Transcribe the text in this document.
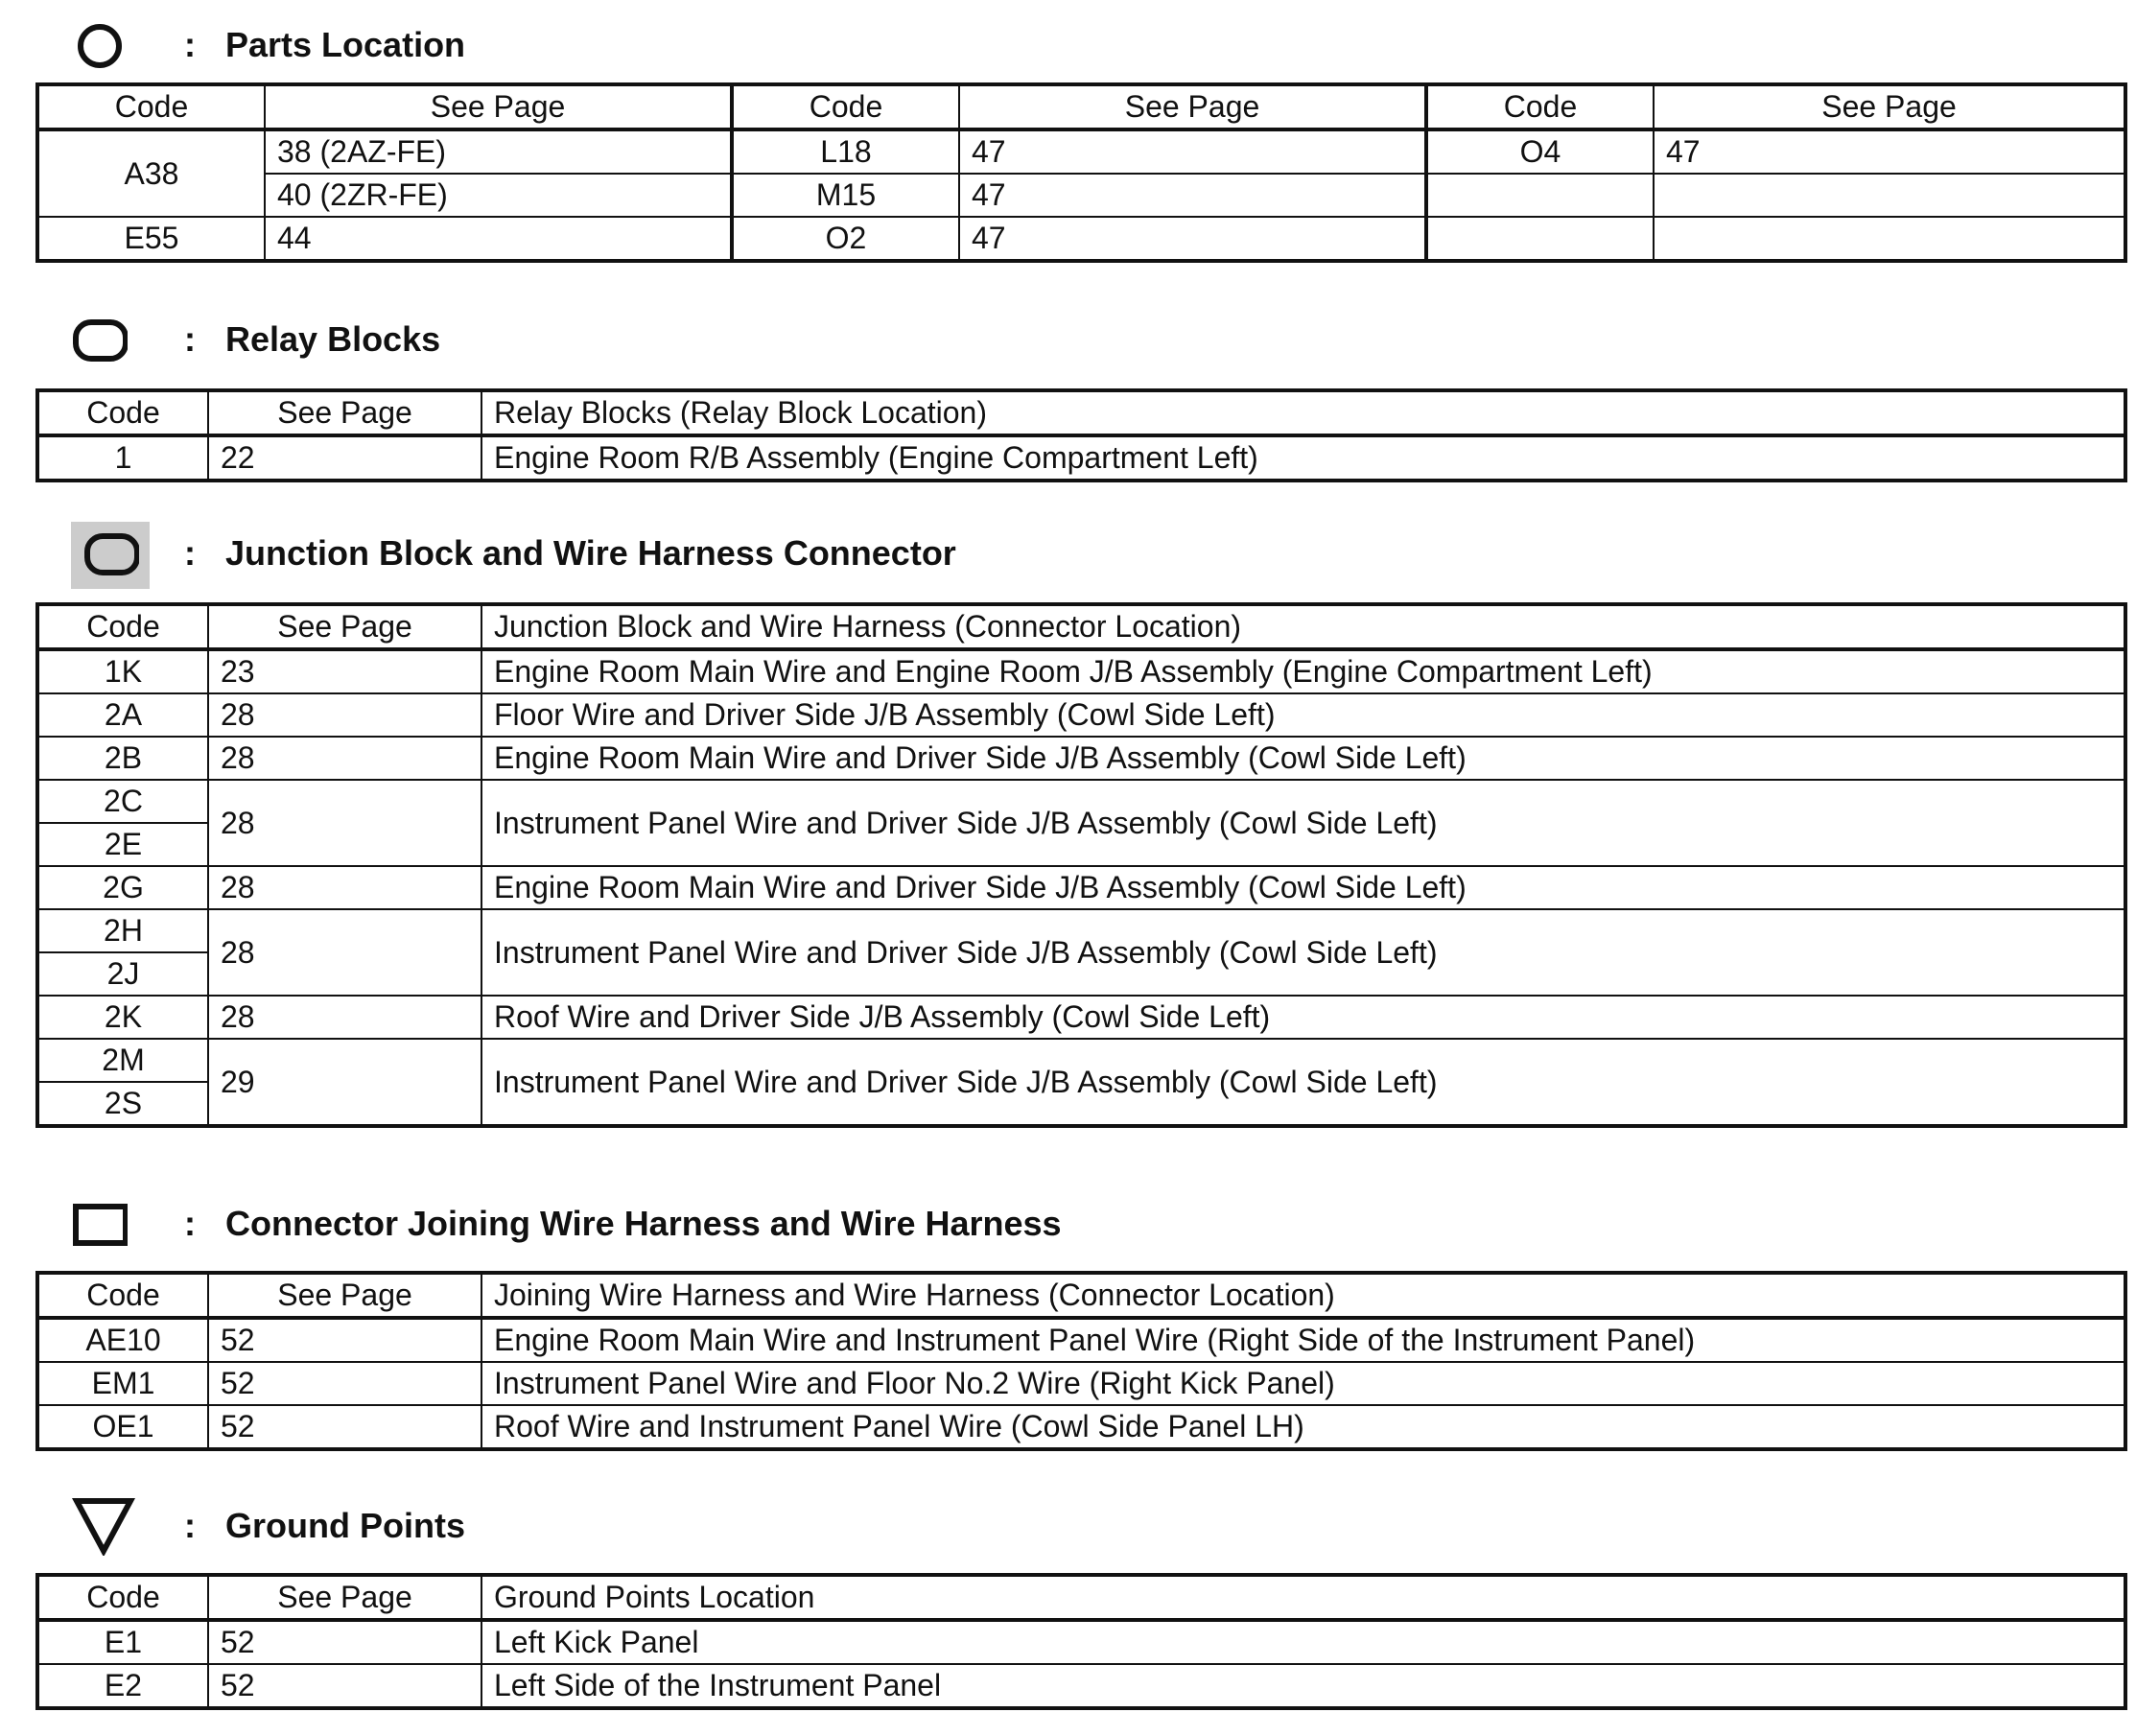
: Parts Location
Code	See Page	Code	See Page	Code	See Page
A38	38 (2AZ-FE)	L18	47	O4	47
	40 (2ZR-FE)	M15	47		
E55	44	O2	47		
: Relay Blocks
Code	See Page	Relay Blocks (Relay Block Location)
1	22	Engine Room R/B Assembly (Engine Compartment Left)
: Junction Block and Wire Harness Connector
Code	See Page	Junction Block and Wire Harness (Connector Location)
1K	23	Engine Room Main Wire and Engine Room J/B Assembly (Engine Compartment Left)
2A	28	Floor Wire and Driver Side J/B Assembly (Cowl Side Left)
2B	28	Engine Room Main Wire and Driver Side J/B Assembly (Cowl Side Left)
2C	28	Instrument Panel Wire and Driver Side J/B Assembly (Cowl Side Left)
2E		
2G	28	Engine Room Main Wire and Driver Side J/B Assembly (Cowl Side Left)
2H	28	Instrument Panel Wire and Driver Side J/B Assembly (Cowl Side Left)
2J		
2K	28	Roof Wire and Driver Side J/B Assembly (Cowl Side Left)
2M	29	Instrument Panel Wire and Driver Side J/B Assembly (Cowl Side Left)
2S		
: Connector Joining Wire Harness and Wire Harness
Code	See Page	Joining Wire Harness and Wire Harness (Connector Location)
AE10	52	Engine Room Main Wire and Instrument Panel Wire (Right Side of the Instrument Panel)
EM1	52	Instrument Panel Wire and Floor No.2 Wire (Right Kick Panel)
OE1	52	Roof Wire and Instrument Panel Wire (Cowl Side Panel LH)
: Ground Points
Code	See Page	Ground Points Location
E1	52	Left Kick Panel
E2	52	Left Side of the Instrument Panel
